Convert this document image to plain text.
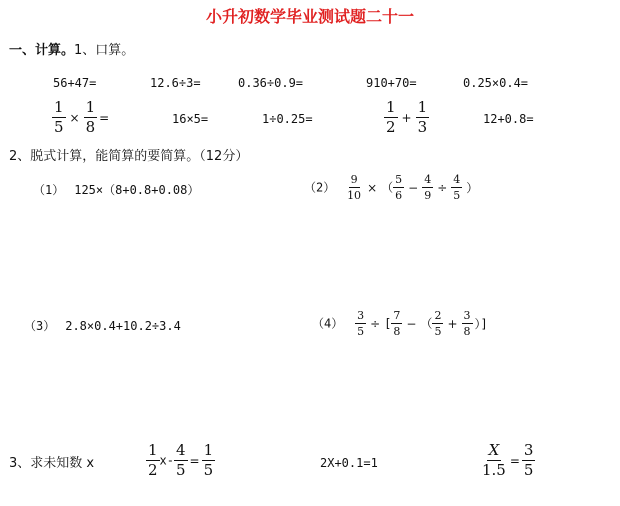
小升初数学毕业测试题二十一
一、计算。1、口算。
56+47=	12.6÷3=	0.36÷0.9=	910+70=	0.25×0.4=
$\frac{1}{5} \times \frac{1}{8}$ =	16×5=	1÷0.25=	$\frac{1}{2} + \frac{1}{3}$	12+0.8=
2、脱式计算，能简算的要简算。（12分）
（1） 125×（8+0.8+0.08）	$(2) \frac{9}{10}$ × （ $\frac{5}{6} - \frac{4}{9} \div \frac{4}{5}$ ）
（3） 2.8×0.4+10.2÷3.4	$(4) \frac{3}{5}$ ÷ [ $\frac{7}{8}$ − （ $\frac{2}{5} + \frac{3}{8}$ ）]
3、求未知数 x	$\frac{1}{2} x- \frac{4}{5} = \frac{1}{5}$	2X+0.1=1	$\frac{X}{1.5} = \frac{3}{5}$
